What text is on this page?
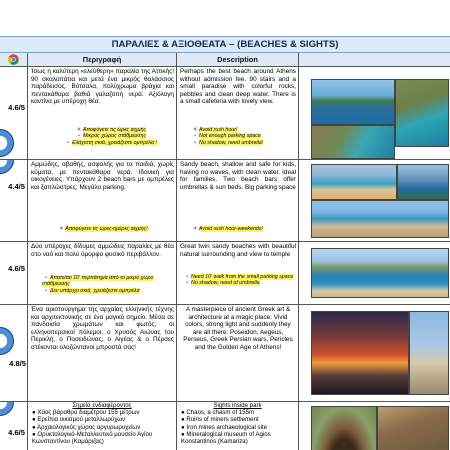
ΠΑΡΑΛΙΕΣ & ΑΞΙΟΘΕΑΤΑ – (BEACHES & SIGHTS)
Περιγραφή	Description
4.6/5
Ίσως η καλύτερη «ελεύθερη» παραλία της Αττικής! 90 σκαλοπάτια και μετά ένα μικρός θαλάσσιος παράδεισος. Βότσαλα, πολύχρωμα βράχια και πεντακάθαρα βαθιά γαλαζοπή νερά. Αξιόλογη καντίνα με υπέροχη θέα.
☀ Αποφύγετε τις ώρες αιχμής
• Μικρός χώρος στάθμευσης
• Ελάχιστη σκιά, χρειάζεστε ομπρέλα !
Perhaps the best beach around Athens without admission fee. 90 stairs and a small paradise with colorful rocks, pebbles and clean deep water. There is a small cafeteria with lovely view.
☀ Avoid rush hour!
• Not enough parking space
• No shadow, need umbrella!
4.4/5
Αμμώδης, αβαθής, ασφαλής για τα παιδιά, χωρίς κύματα, με πεντακάθαρα νερά. Ιδανική για οικογένειες. Υπάρχουν 2 beach bars με ομπρέλες και ξαπλώστρες. Μεγάλο parking.
☀ Αποφύγετε τις ώρες-ημέρες αιχμής!
Sandy beach, shallow and safe for kids, having no waves, with clean water. Ideal for families. Two beach bars offer umbrellas & sun beds. Big parking space
☀ Avoid rush hour-weekends!
4.6/5
Δύο υπέροχες δίδυμες αμμώδεις παραλίες με θέα στο ναό και πολύ όμορφο φυσικό περιβάλλον.
• Απατείται 10' περπάτημα από το μικρό χώρο στάθμευσης
• Δεν υπάρχει σκιά, χρειάζεστε ομπρέλα
Great twin sandy beaches with beautiful natural surrounding and view to temple
• Need 10' walk from the small parking space
• No shadow, need of umbrella
4.8/5
Ένα αριστούργημα της αρχαίας ελληνικής τέχνης και αρχιτεκτονικής σε ένα μαγικό σημείο. Μέσα σε πανδαισία χρωμάτων και φωτός, οι ελληνοπερσικοί πόλεμοι, ο Χρυσός Αιώνας του Περικλή, ο Ποσειδώνας, ο Αιγέας & ο Πέρσες στέκονται ολοζώντανοι μπροστά σας!
A masterpiece of ancient Greek art & architecture at a magic place. Vivid colors, strong light and suddenly they are all there: Poseidon, Aegeus, Perseus, Greek Persian wars, Pericles and the Golden Age of Athens!
4.6/5
Σημεία ενδιαφέροντος
● Χάος βάραθρο διαμέτρου 155 μέτρων
● Ερείπια οικισμού μεταλλωρύχων
● Αρχαιολογικός χώρος αργυρωρυχείων
● Ορυκτολογικό-Μεταλλευτικό μουσείο Αγίου Κωνσταντίνου (Καμάριζας)
Sights inside park
● Chaos, a chasm of 155m
● Ruins of miners settlement
● Iron mines archaeological site
● Mineralogical museum of Agios Konstantinos (Kamariza)
